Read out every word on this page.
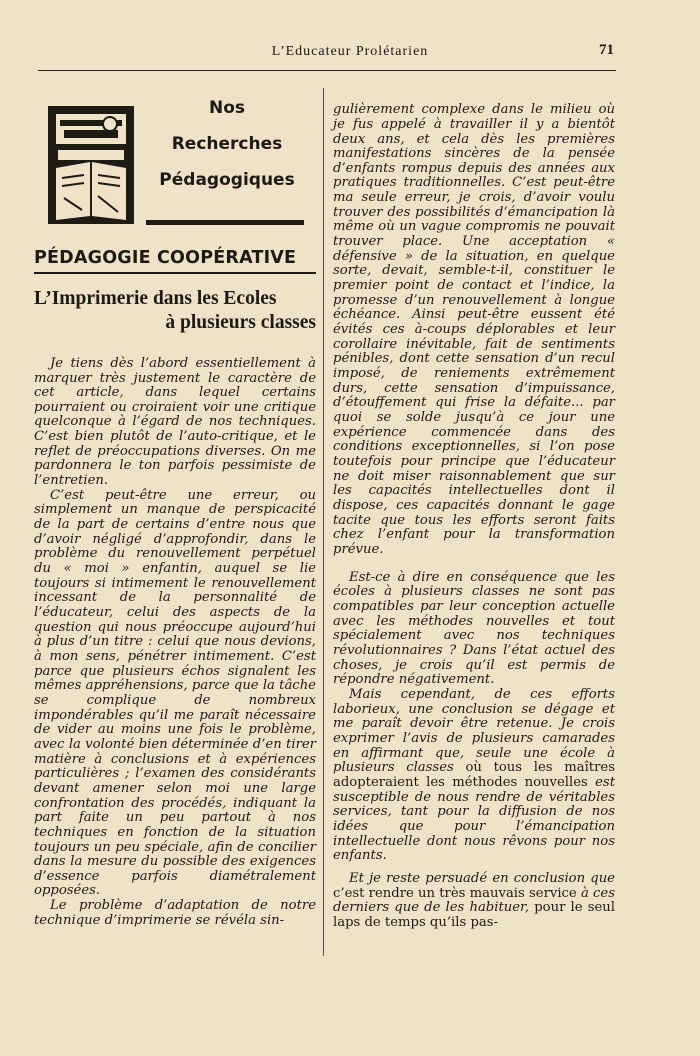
L’Educateur Prolétarien	71
Nos
Recherches
Pédagogiques
PÉDAGOGIE COOPÉRATIVE
L’Imprimerie dans les Ecoles
à plusieurs classes

Je tiens dès l’abord essentiellement à marquer très justement le caractère de cet article, dans lequel certains pourraient ou croiraient voir une critique quelconque à l’égard de nos techniques. C’est bien plutôt de l’auto-critique, et le reflet de préoccupations diverses. On me pardonnera le ton parfois pessimiste de l’entretien.

C’est peut-être une erreur, ou simplement un manque de perspicacité de la part de certains d’entre nous que d’avoir négligé d’approfondir, dans le problème du renouvellement perpétuel du « moi » enfantin, auquel se lie toujours si intimement le renouvellement incessant de la personnalité de l’éducateur, celui des aspects de la question qui nous préoccupe aujourd’hui à plus d’un titre : celui que nous devions, à mon sens, pénétrer intimement. C’est parce que plusieurs échos signalent les mêmes appréhensions, parce que la tâche se complique de nombreux impondérables qu’il me paraît nécessaire de vider au moins une fois le problème, avec la volonté bien déterminée d’en tirer matière à conclusions et à expériences particulières ; l’examen des considérants devant amener selon moi une large confrontation des procédés, indiquant la part faite un peu partout à nos techniques en fonction de la situation toujours un peu spéciale, afin de concilier dans la mesure du possible des exigences d’essence parfois diamétralement opposées.

Le problème d’adaptation de notre technique d’imprimerie se révéla sin-

gulièrement complexe dans le milieu où je fus appelé à travailler il y a bientôt deux ans, et cela dès les premières manifestations sincères de la pensée d’enfants rompus depuis des années aux pratiques traditionnelles. C’est peut-être ma seule erreur, je crois, d’avoir voulu trouver des possibilités d’émancipation là même où un vague compromis ne pouvait trouver place. Une acceptation « défensive » de la situation, en quelque sorte, devait, semble-t-il, constituer le premier point de contact et l’indice, la promesse d’un renouvellement à longue échéance. Ainsi peut-être eussent été évités ces à-coups déplorables et leur corollaire inévitable, fait de sentiments pénibles, dont cette sensation d’un recul imposé, de reniements extrêmement durs, cette sensation d’impuissance, d’étouffement qui frise la défaite... par quoi se solde jusqu’à ce jour une expérience commencée dans des conditions exceptionnelles, si l’on pose toutefois pour principe que l’éducateur ne doit miser raisonnablement que sur les capacités intellectuelles dont il dispose, ces capacités donnant le gage tacite que tous les efforts seront faits chez l’enfant pour la transformation prévue.

Est-ce à dire en conséquence que les écoles à plusieurs classes ne sont pas compatibles par leur conception actuelle avec les méthodes nouvelles et tout spécialement avec nos techniques révolutionnaires ? Dans l’état actuel des choses, je crois qu’il est permis de répondre négativement.

Mais cependant, de ces efforts laborieux, une conclusion se dégage et me paraît devoir être retenue. Je crois exprimer l’avis de plusieurs camarades en affirmant que, seule une école à plusieurs classes où tous les maîtres adopteraient les méthodes nouvelles est susceptible de nous rendre de véritables services, tant pour la diffusion de nos idées que pour l’émancipation intellectuelle dont nous rêvons pour nos enfants.

Et je reste persuadé en conclusion que c’est rendre un très mauvais service à ces derniers que de les habituer, pour le seul laps de temps qu’ils pas-
